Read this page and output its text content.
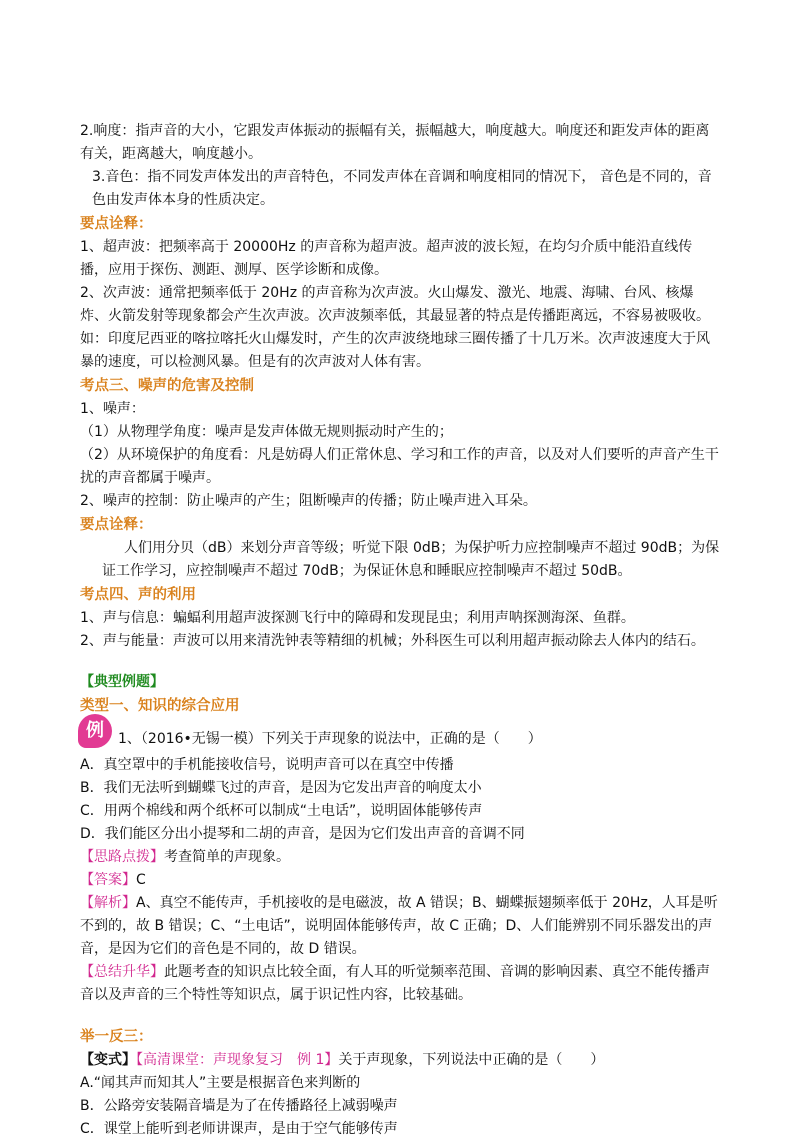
2.响度：指声音的大小，它跟发声体振动的振幅有关，振幅越大，响度越大。响度还和距发声体的距离有关，距离越大，响度越小。

3.音色：指不同发声体发出的声音特色，不同发声体在音调和响度相同的情况下， 音色是不同的，音色由发声体本身的性质决定。

要点诠释：

1、超声波：把频率高于 20000Hz 的声音称为超声波。超声波的波长短，在均匀介质中能沿直线传播，应用于探伤、测距、测厚、医学诊断和成像。

2、次声波：通常把频率低于 20Hz 的声音称为次声波。火山爆发、激光、地震、海啸、台风、核爆炸、火箭发射等现象都会产生次声波。次声波频率低，其最显著的特点是传播距离远，不容易被吸收。如：印度尼西亚的喀拉喀托火山爆发时，产生的次声波绕地球三圈传播了十几万米。次声波速度大于风暴的速度，可以检测风暴。但是有的次声波对人体有害。

考点三、噪声的危害及控制

1、噪声：

（1）从物理学角度：噪声是发声体做无规则振动时产生的；

（2）从环境保护的角度看：凡是妨碍人们正常休息、学习和工作的声音，以及对人们要听的声音产生干扰的声音都属于噪声。

2、噪声的控制：防止噪声的产生；阻断噪声的传播；防止噪声进入耳朵。

要点诠释：

人们用分贝（dB）来划分声音等级；听觉下限 0dB；为保护听力应控制噪声不超过 90dB；为保证工作学习，应控制噪声不超过 70dB；为保证休息和睡眠应控制噪声不超过 50dB。

考点四、声的利用

1、声与信息：蝙蝠利用超声波探测飞行中的障碍和发现昆虫；利用声呐探测海深、鱼群。

2、声与能量：声波可以用来清洗钟表等精细的机械；外科医生可以利用超声振动除去人体内的结石。

【典型例题】

类型一、知识的综合应用

例	1、（2016•无锡一模）下列关于声现象的说法中，正确的是（　　）

A．真空罩中的手机能接收信号，说明声音可以在真空中传播

B．我们无法听到蝴蝶飞过的声音，是因为它发出声音的响度太小

C．用两个棉线和两个纸杯可以制成“土电话”，说明固体能够传声

D．我们能区分出小提琴和二胡的声音，是因为它们发出声音的音调不同

【思路点拨】考查简单的声现象。

【答案】C

【解析】A、真空不能传声，手机接收的是电磁波，故 A 错误；B、蝴蝶振翅频率低于 20Hz，人耳是听不到的，故 B 错误；C、“土电话”，说明固体能够传声，故 C 正确；D、人们能辨别不同乐器发出的声音，是因为它们的音色是不同的，故 D 错误。

【总结升华】此题考查的知识点比较全面，有人耳的听觉频率范围、音调的影响因素、真空不能传播声音以及声音的三个特性等知识点，属于识记性内容，比较基础。

举一反三：

【变式】【高清课堂：声现象复习　例 1】关于声现象，下列说法中正确的是（　　）

A.“闻其声而知其人”主要是根据音色来判断的

B．公路旁安装隔音墙是为了在传播路径上减弱噪声

C．课堂上能听到老师讲课声，是由于空气能够传声
